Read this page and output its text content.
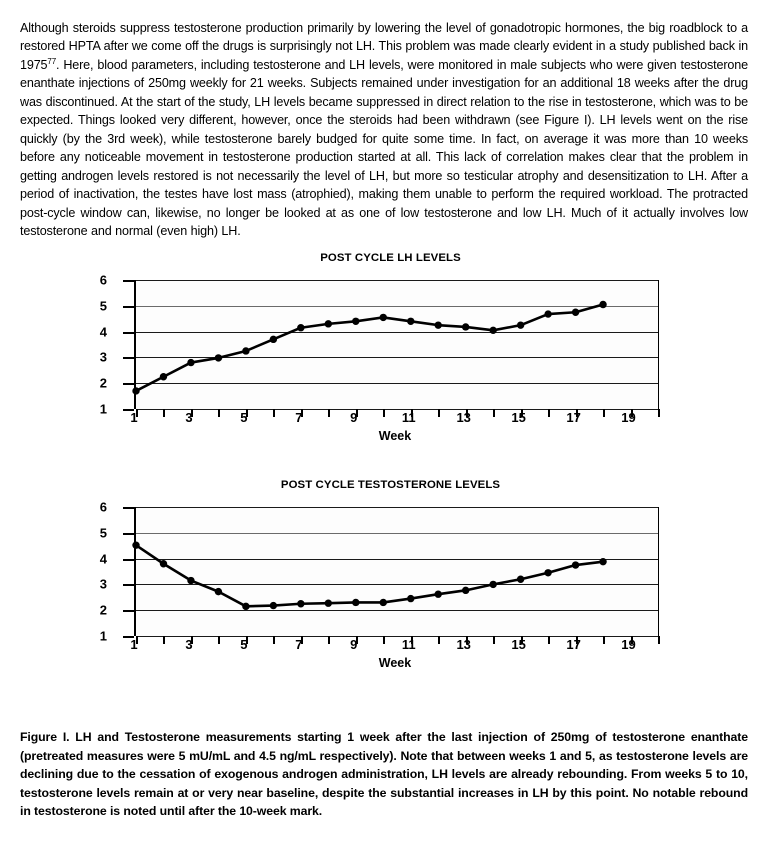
Although steroids suppress testosterone production primarily by lowering the level of gonadotropic hormones, the big roadblock to a restored HPTA after we come off the drugs is surprisingly not LH. This problem was made clearly evident in a study published back in 1975$^{77}$. Here, blood parameters, including testosterone and LH levels, were monitored in male subjects who were given testosterone enanthate injections of 250mg weekly for 21 weeks. Subjects remained under investigation for an additional 18 weeks after the drug was discontinued. At the start of the study, LH levels became suppressed in direct relation to the rise in testosterone, which was to be expected. Things looked very different, however, once the steroids had been withdrawn (see Figure I). LH levels went on the rise quickly (by the 3rd week), while testosterone barely budged for quite some time. In fact, on average it was more than 10 weeks before any noticeable movement in testosterone production started at all. This lack of correlation makes clear that the problem in getting androgen levels restored is not necessarily the level of LH, but more so testicular atrophy and desensitization to LH. After a period of inactivation, the testes have lost mass (atrophied), making them unable to perform the required workload. The protracted post-cycle window can, likewise, no longer be looked at as one of low testosterone and low LH. Much of it actually involves low testosterone and normal (even high) LH.

POST CYCLE LH LEVELS
Week
1
2
3
4
5
6
1	3	5	7	9	11	13	15	17	19
POST CYCLE TESTOSTERONE LEVELS
Week
1
2
3
4
5
6
1	3	5	7	9	11	13	15	17	19

Figure I. LH and Testosterone measurements starting 1 week after the last injection of 250mg of testosterone enanthate (pretreated measures were 5 mU/mL and 4.5 ng/mL respectively). Note that between weeks 1 and 5, as testosterone levels are declining due to the cessation of exogenous androgen administration, LH levels are already rebounding. From weeks 5 to 10, testosterone levels remain at or very near baseline, despite the substantial increases in LH by this point. No notable rebound in testosterone is noted until after the 10-week mark.
